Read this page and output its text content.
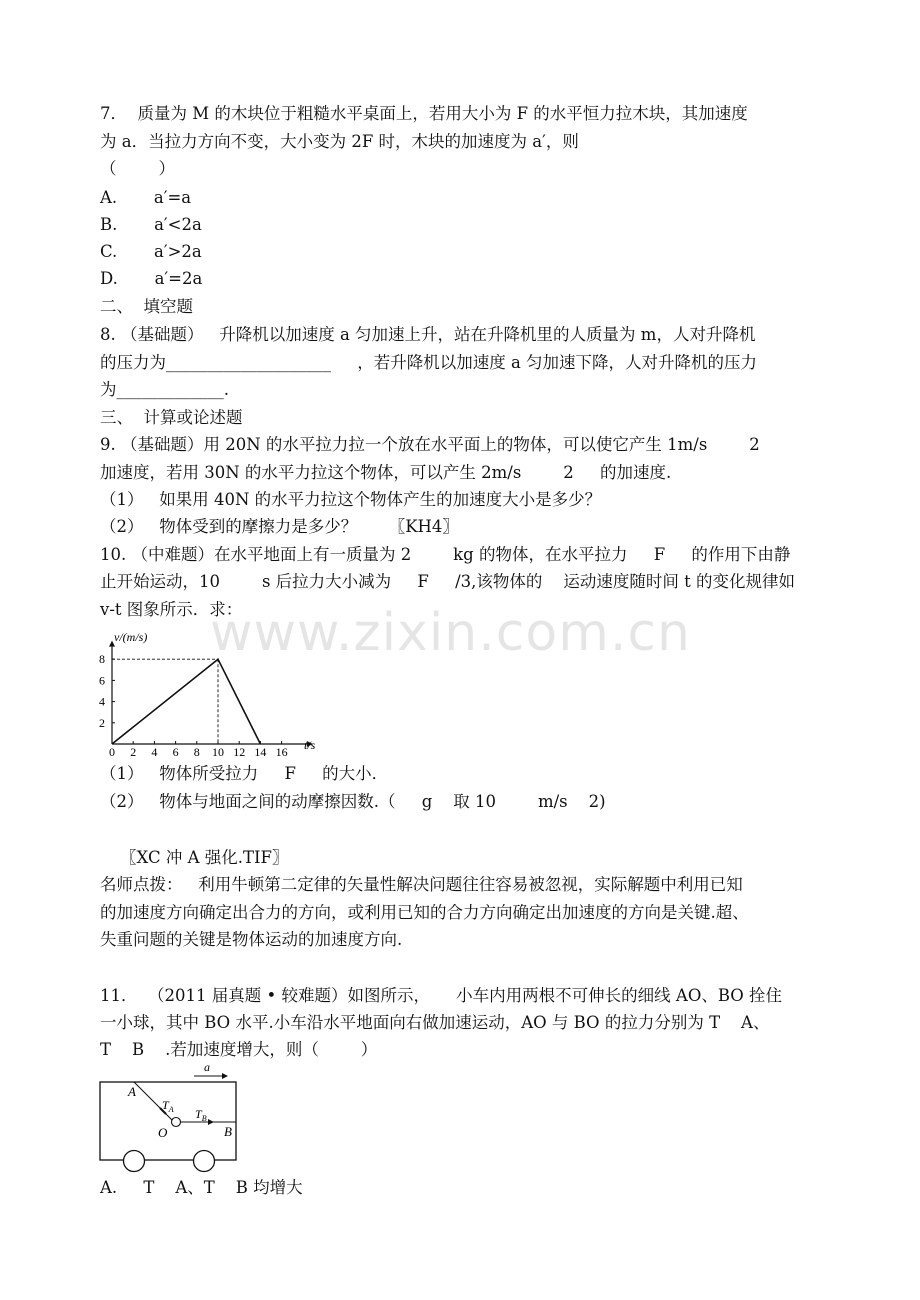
www.zixin.com.cn
7．  质量为 M 的木块位于粗糙水平桌面上，若用大小为 F 的水平恒力拉木块，其加速度
为 a．当拉力方向不变，大小变为 2F 时，木块的加速度为 a′，则
（        ）
A.       a′=a
B.       a′<2a
C.       a′>2a
D.       a′=2a
二、  填空题
8. （基础题）   升降机以加速度 a 匀加速上升，站在升降机里的人质量为 m，人对升降机
的压力为____________________     ，若升降机以加速度 a 匀加速下降，人对升降机的压力
为_____________.
三、  计算或论述题
9. （基础题）用 20N 的水平拉力拉一个放在水平面上的物体，可以使它产生 1m/s        2
加速度，若用 30N 的水平力拉这个物体，可以产生 2m/s        2     的加速度.
（1）   如果用 40N 的水平力拉这个物体产生的加速度大小是多少？
（2）   物体受到的摩擦力是多少？      〖KH4〗
10. （中难题）在水平地面上有一质量为 2        kg 的物体，在水平拉力     F     的作用下由静
止开始运动，10        s 后拉力大小减为     F     /3,该物体的    运动速度随时间 t 的变化规律如
v-t 图象所示．求：
0 2 4 6 8 10 12 14 16
2
4
6
8
v/(m/s)
t/s
（1）   物体所受拉力     F     的大小．
（2）   物体与地面之间的动摩擦因数.（     g    取 10        m/s    2)
〖XC 冲 A 强化.TIF〗
名师点拨：   利用牛顿第二定律的矢量性解决问题往往容易被忽视，实际解题中利用已知
的加速度方向确定出合力的方向，或利用已知的合力方向确定出加速度的方向是关键.超、
失重问题的关键是物体运动的加速度方向.
11．  （2011 届真题 • 较难题）如图所示，     小车内用两根不可伸长的细线 AO、BO 拴住
一小球，其中 BO 水平.小车沿水平地面向右做加速运动，AO 与 BO 的拉力分别为 T    A、
T    B    .若加速度增大，则（        ）
a
A
$T_A$ $T_B$
O	B
A.     T    A、T    B 均增大
